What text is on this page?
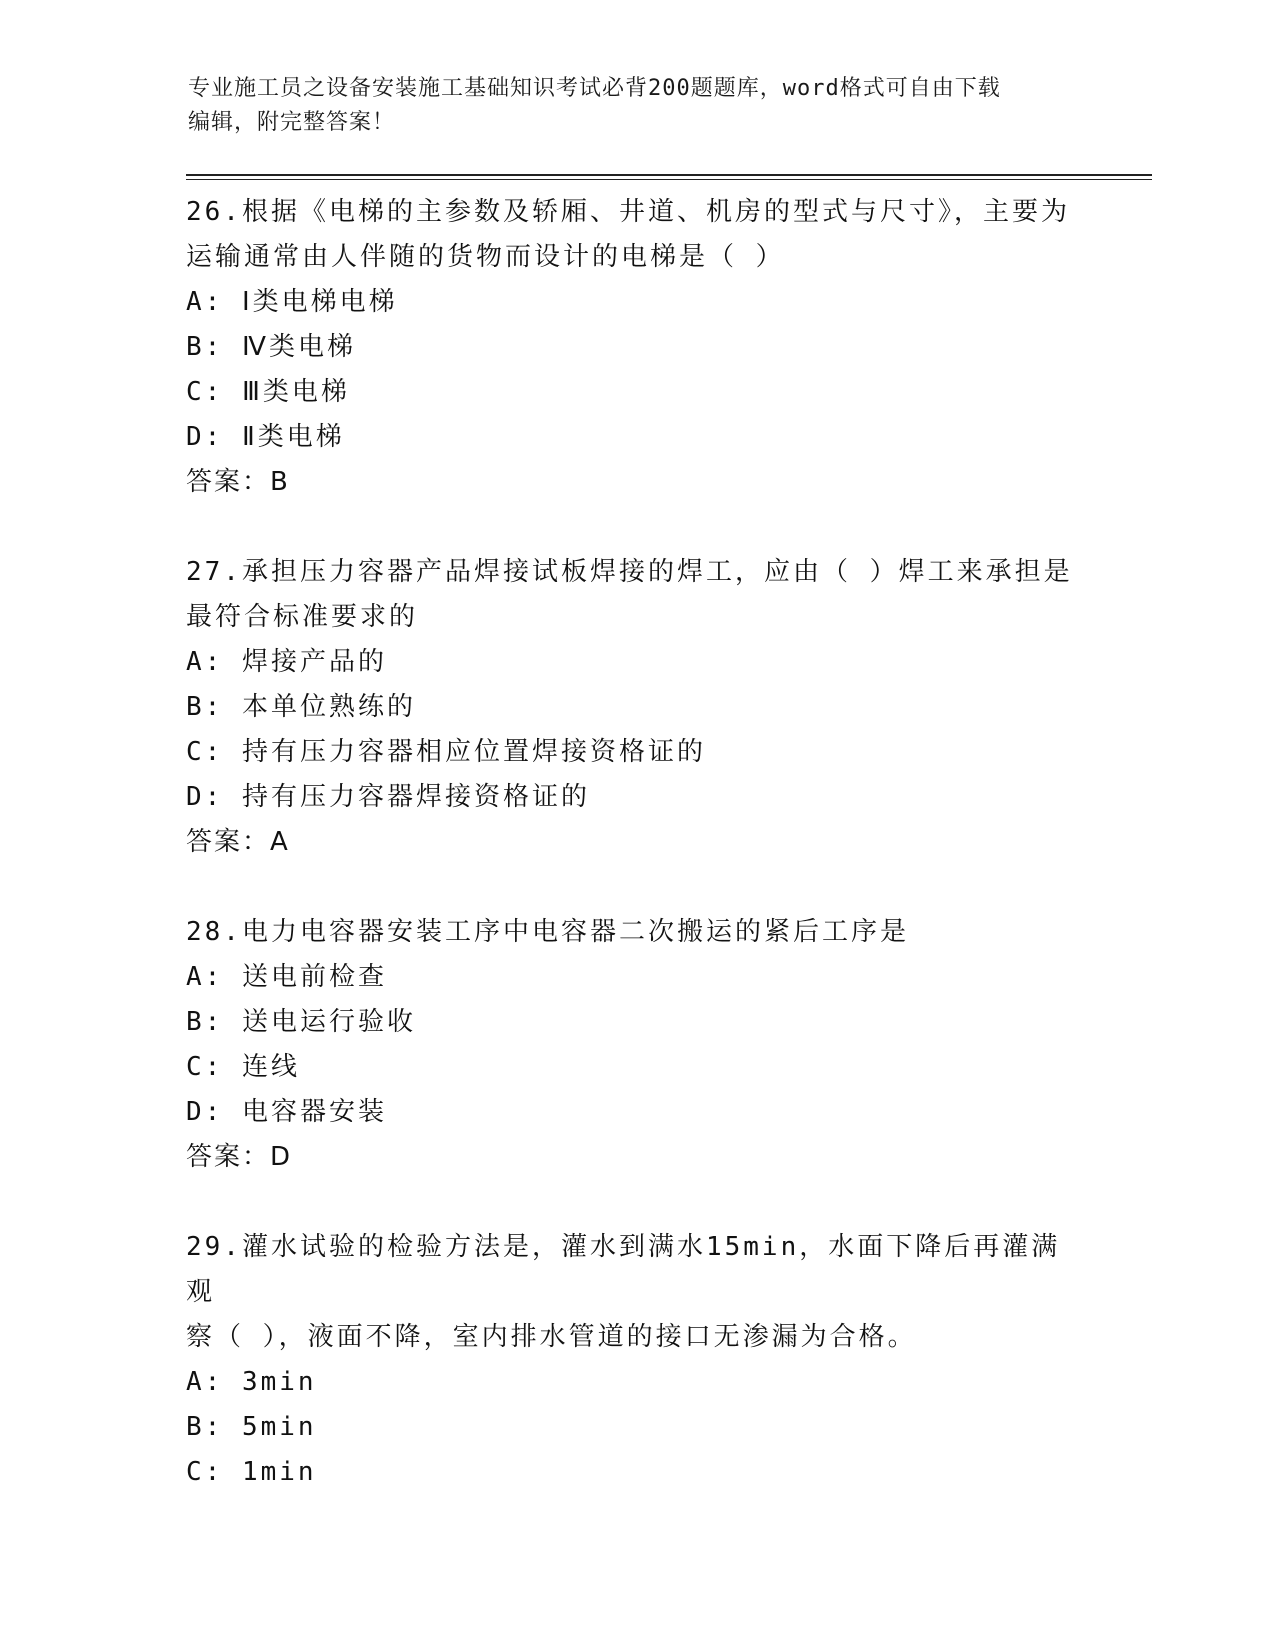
专业施工员之设备安装施工基础知识考试必背200题题库，word格式可自由下载
编辑，附完整答案！

26.根据《电梯的主参数及轿厢、井道、机房的型式与尺寸》，主要为

运输通常由人伴随的货物而设计的电梯是（ ）

A: Ⅰ类电梯电梯

B: Ⅳ类电梯

C: Ⅲ类电梯

D: Ⅱ类电梯

答案：B

27.承担压力容器产品焊接试板焊接的焊工，应由（ ）焊工来承担是

最符合标准要求的

A: 焊接产品的

B: 本单位熟练的

C: 持有压力容器相应位置焊接资格证的

D: 持有压力容器焊接资格证的

答案：A

28.电力电容器安装工序中电容器二次搬运的紧后工序是

A: 送电前检查

B: 送电运行验收

C: 连线

D: 电容器安装

答案：D

29.灌水试验的检验方法是，灌水到满水15min，水面下降后再灌满观

察（ ），液面不降，室内排水管道的接口无渗漏为合格。

A: 3min

B: 5min

C: 1min
